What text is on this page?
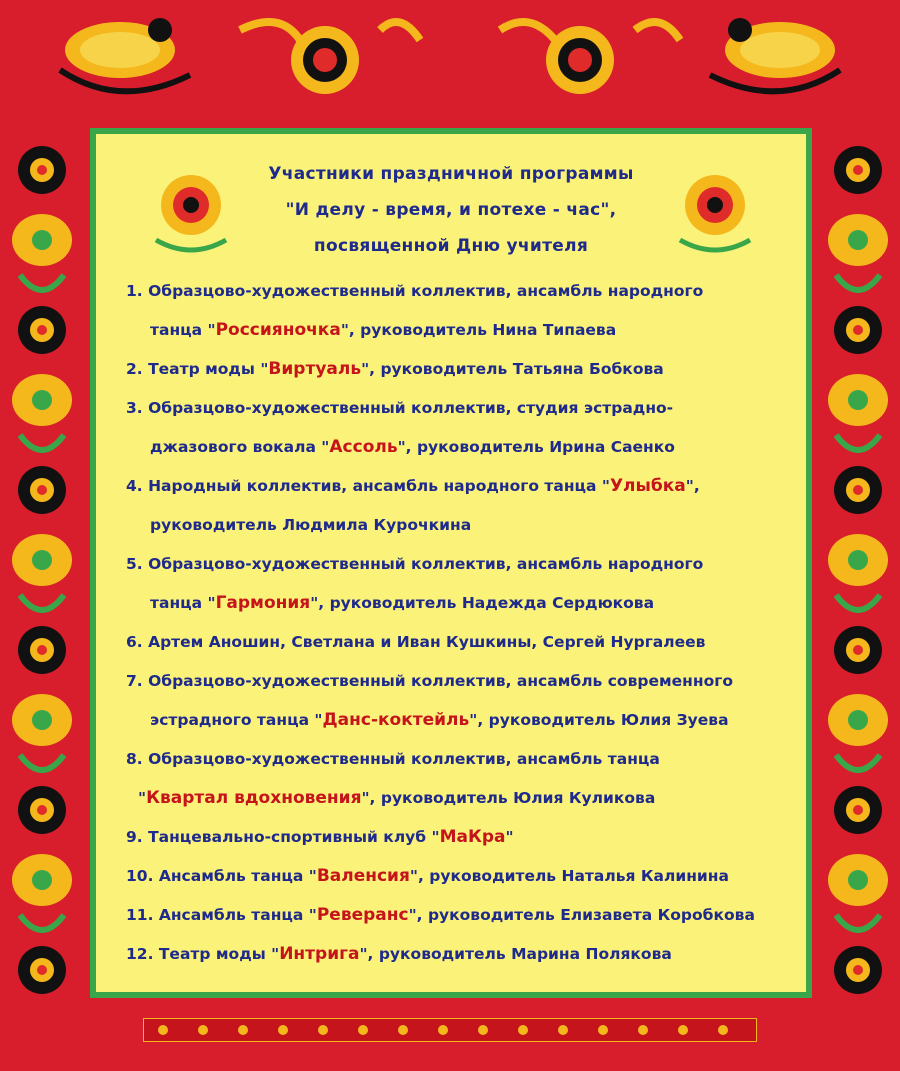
Участники праздничной программы
"И делу - время, и потехе - час",
посвященной Дню учителя
1. Образцово-художественный коллектив, ансамбль народного
танца "Россияночка", руководитель Нина Типаева
2. Театр моды "Виртуаль", руководитель Татьяна Бобкова
3. Образцово-художественный коллектив, студия эстрадно-
джазового вокала "Ассоль", руководитель Ирина Саенко
4. Народный коллектив, ансамбль народного танца "Улыбка",
руководитель Людмила Курочкина
5. Образцово-художественный коллектив, ансамбль народного
танца "Гармония", руководитель Надежда Сердюкова
6. Артем Аношин, Светлана и Иван Кушкины, Сергей Нургалеев
7. Образцово-художественный коллектив, ансамбль современного
эстрадного танца "Данс-коктейль", руководитель Юлия Зуева
8. Образцово-художественный коллектив, ансамбль танца
"Квартал вдохновения", руководитель Юлия Куликова
9. Танцевально-спортивный клуб "МаКра"
10. Ансамбль танца "Валенсия", руководитель Наталья Калинина
11. Ансамбль танца "Реверанс", руководитель Елизавета Коробкова
12. Театр моды "Интрига", руководитель Марина Полякова
